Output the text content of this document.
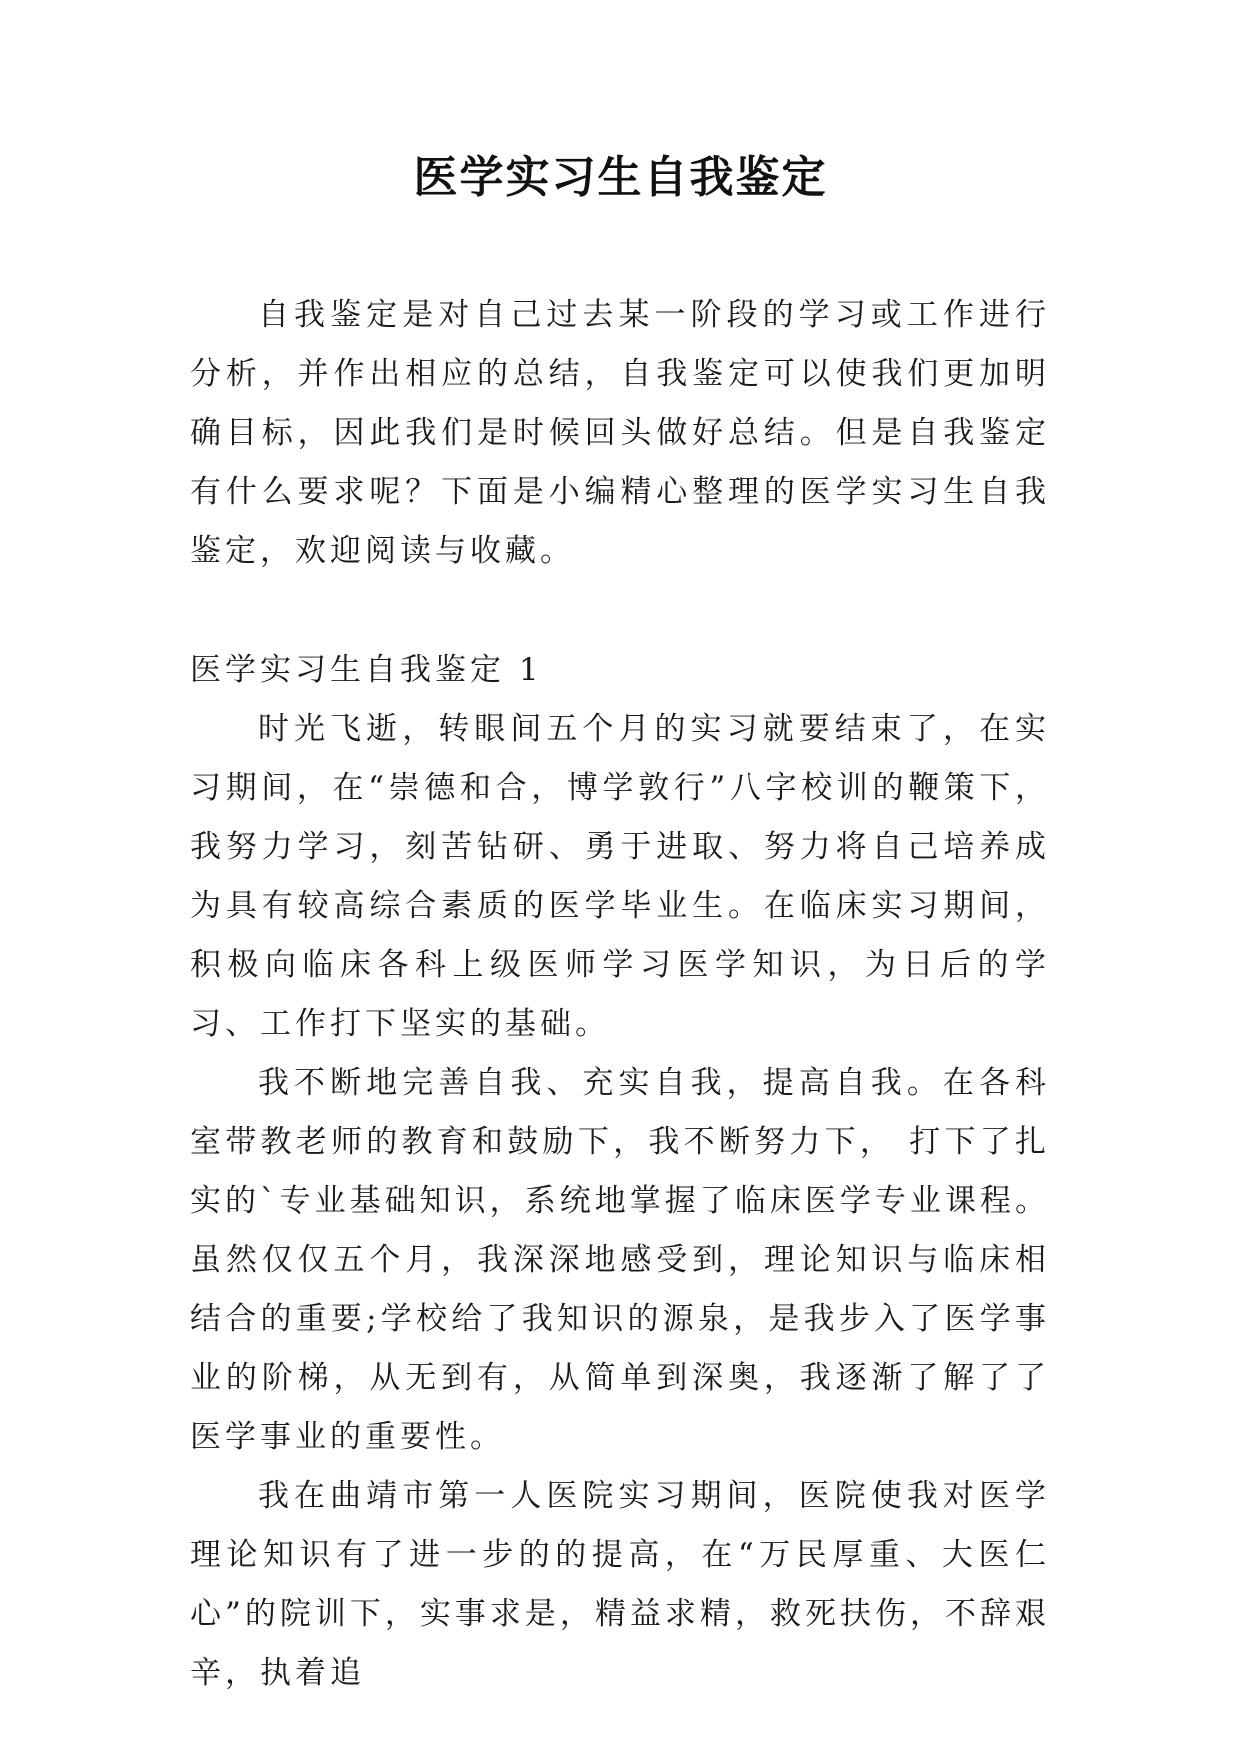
医学实习生自我鉴定

自我鉴定是对自己过去某一阶段的学习或工作进行分析，并作出相应的总结，自我鉴定可以使我们更加明确目标，因此我们是时候回头做好总结。但是自我鉴定有什么要求呢？下面是小编精心整理的医学实习生自我鉴定，欢迎阅读与收藏。

医学实习生自我鉴定 1

时光飞逝，转眼间五个月的实习就要结束了，在实习期间，在“崇德和合，博学敦行”八字校训的鞭策下，我努力学习，刻苦钻研、勇于进取、努力将自己培养成为具有较高综合素质的医学毕业生。在临床实习期间，积极向临床各科上级医师学习医学知识，为日后的学习、工作打下坚实的基础。

我不断地完善自我、充实自我，提高自我。在各科室带教老师的教育和鼓励下，我不断努力下， 打下了扎实的`专业基础知识，系统地掌握了临床医学专业课程。虽然仅仅五个月，我深深地感受到，理论知识与临床相结合的重要;学校给了我知识的源泉，是我步入了医学事业的阶梯，从无到有，从简单到深奥，我逐渐了解了了医学事业的重要性。

我在曲靖市第一人医院实习期间，医院使我对医学理论知识有了进一步的的提高，在“万民厚重、大医仁心”的院训下，实事求是，精益求精，救死扶伤，不辞艰辛，执着追
